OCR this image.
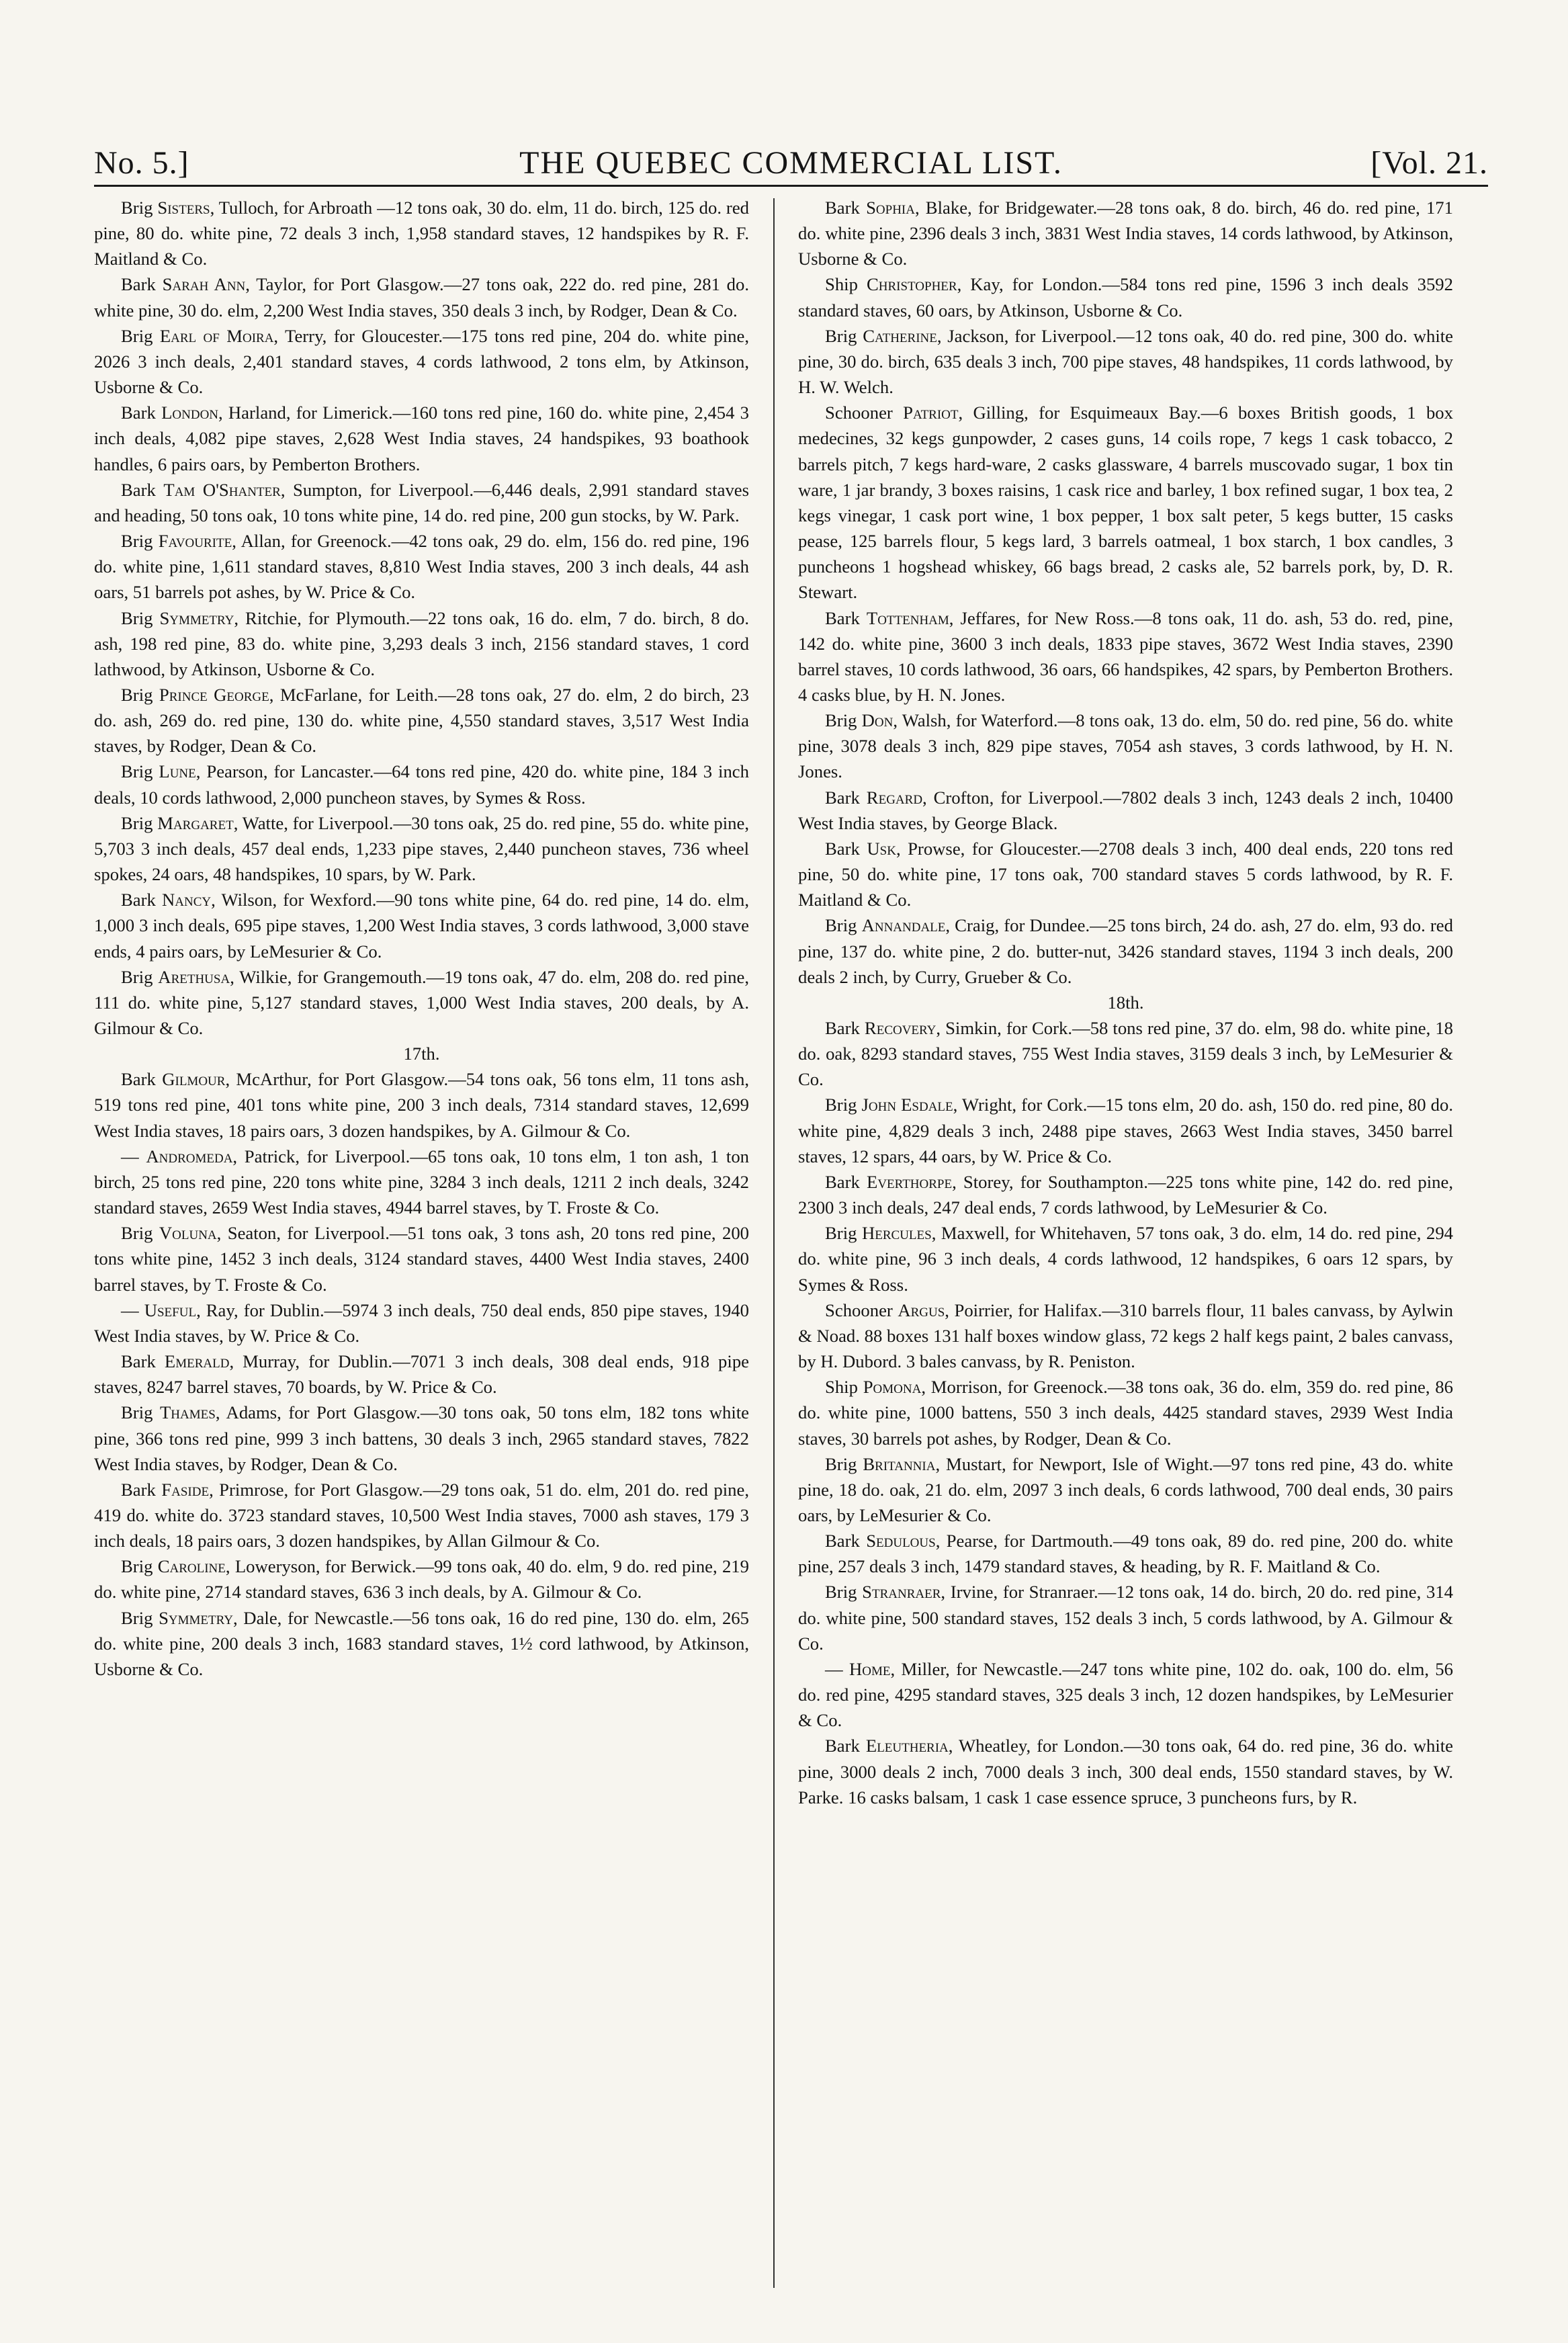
No. 5.]	THE QUEBEC COMMERCIAL LIST.	[Vol. 21.

Brig Sisters, Tulloch, for Arbroath —12 tons oak, 30 do. elm, 11 do. birch, 125 do. red pine, 80 do. white pine, 72 deals 3 inch, 1,958 standard staves, 12 handspikes by R. F. Maitland & Co.

Bark Sarah Ann, Taylor, for Port Glasgow.—27 tons oak, 222 do. red pine, 281 do. white pine, 30 do. elm, 2,200 West India staves, 350 deals 3 inch, by Rodger, Dean & Co.

Brig Earl of Moira, Terry, for Gloucester.—175 tons red pine, 204 do. white pine, 2026 3 inch deals, 2,401 standard staves, 4 cords lathwood, 2 tons elm, by Atkinson, Usborne & Co.

Bark London, Harland, for Limerick.—160 tons red pine, 160 do. white pine, 2,454 3 inch deals, 4,082 pipe staves, 2,628 West India staves, 24 handspikes, 93 boathook handles, 6 pairs oars, by Pemberton Brothers.

Bark Tam O'Shanter, Sumpton, for Liverpool.—6,446 deals, 2,991 standard staves and heading, 50 tons oak, 10 tons white pine, 14 do. red pine, 200 gun stocks, by W. Park.

Brig Favourite, Allan, for Greenock.—42 tons oak, 29 do. elm, 156 do. red pine, 196 do. white pine, 1,611 standard staves, 8,810 West India staves, 200 3 inch deals, 44 ash oars, 51 barrels pot ashes, by W. Price & Co.

Brig Symmetry, Ritchie, for Plymouth.—22 tons oak, 16 do. elm, 7 do. birch, 8 do. ash, 198 red pine, 83 do. white pine, 3,293 deals 3 inch, 2156 standard staves, 1 cord lathwood, by Atkinson, Usborne & Co.

Brig Prince George, McFarlane, for Leith.—28 tons oak, 27 do. elm, 2 do birch, 23 do. ash, 269 do. red pine, 130 do. white pine, 4,550 standard staves, 3,517 West India staves, by Rodger, Dean & Co.

Brig Lune, Pearson, for Lancaster.—64 tons red pine, 420 do. white pine, 184 3 inch deals, 10 cords lathwood, 2,000 puncheon staves, by Symes & Ross.

Brig Margaret, Watte, for Liverpool.—30 tons oak, 25 do. red pine, 55 do. white pine, 5,703 3 inch deals, 457 deal ends, 1,233 pipe staves, 2,440 puncheon staves, 736 wheel spokes, 24 oars, 48 handspikes, 10 spars, by W. Park.

Bark Nancy, Wilson, for Wexford.—90 tons white pine, 64 do. red pine, 14 do. elm, 1,000 3 inch deals, 695 pipe staves, 1,200 West India staves, 3 cords lathwood, 3,000 stave ends, 4 pairs oars, by LeMesurier & Co.

Brig Arethusa, Wilkie, for Grangemouth.—19 tons oak, 47 do. elm, 208 do. red pine, 111 do. white pine, 5,127 standard staves, 1,000 West India staves, 200 deals, by A. Gilmour & Co.

17th.

Bark Gilmour, McArthur, for Port Glasgow.—54 tons oak, 56 tons elm, 11 tons ash, 519 tons red pine, 401 tons white pine, 200 3 inch deals, 7314 standard staves, 12,699 West India staves, 18 pairs oars, 3 dozen handspikes, by A. Gilmour & Co.

— Andromeda, Patrick, for Liverpool.—65 tons oak, 10 tons elm, 1 ton ash, 1 ton birch, 25 tons red pine, 220 tons white pine, 3284 3 inch deals, 1211 2 inch deals, 3242 standard staves, 2659 West India staves, 4944 barrel staves, by T. Froste & Co.

Brig Voluna, Seaton, for Liverpool.—51 tons oak, 3 tons ash, 20 tons red pine, 200 tons white pine, 1452 3 inch deals, 3124 standard staves, 4400 West India staves, 2400 barrel staves, by T. Froste & Co.

— Useful, Ray, for Dublin.—5974 3 inch deals, 750 deal ends, 850 pipe staves, 1940 West India staves, by W. Price & Co.

Bark Emerald, Murray, for Dublin.—7071 3 inch deals, 308 deal ends, 918 pipe staves, 8247 barrel staves, 70 boards, by W. Price & Co.

Brig Thames, Adams, for Port Glasgow.—30 tons oak, 50 tons elm, 182 tons white pine, 366 tons red pine, 999 3 inch battens, 30 deals 3 inch, 2965 standard staves, 7822 West India staves, by Rodger, Dean & Co.

Bark Faside, Primrose, for Port Glasgow.—29 tons oak, 51 do. elm, 201 do. red pine, 419 do. white do. 3723 standard staves, 10,500 West India staves, 7000 ash staves, 179 3 inch deals, 18 pairs oars, 3 dozen handspikes, by Allan Gilmour & Co.

Brig Caroline, Loweryson, for Berwick.—99 tons oak, 40 do. elm, 9 do. red pine, 219 do. white pine, 2714 standard staves, 636 3 inch deals, by A. Gilmour & Co.

Brig Symmetry, Dale, for Newcastle.—56 tons oak, 16 do red pine, 130 do. elm, 265 do. white pine, 200 deals 3 inch, 1683 standard staves, 1½ cord lathwood, by Atkinson, Usborne & Co.

Bark Sophia, Blake, for Bridgewater.—28 tons oak, 8 do. birch, 46 do. red pine, 171 do. white pine, 2396 deals 3 inch, 3831 West India staves, 14 cords lathwood, by Atkinson, Usborne & Co.

Ship Christopher, Kay, for London.—584 tons red pine, 1596 3 inch deals 3592 standard staves, 60 oars, by Atkinson, Usborne & Co.

Brig Catherine, Jackson, for Liverpool.—12 tons oak, 40 do. red pine, 300 do. white pine, 30 do. birch, 635 deals 3 inch, 700 pipe staves, 48 handspikes, 11 cords lathwood, by H. W. Welch.

Schooner Patriot, Gilling, for Esquimeaux Bay.—6 boxes British goods, 1 box medecines, 32 kegs gunpowder, 2 cases guns, 14 coils rope, 7 kegs 1 cask tobacco, 2 barrels pitch, 7 kegs hard-ware, 2 casks glassware, 4 barrels muscovado sugar, 1 box tin ware, 1 jar brandy, 3 boxes raisins, 1 cask rice and barley, 1 box refined sugar, 1 box tea, 2 kegs vinegar, 1 cask port wine, 1 box pepper, 1 box salt peter, 5 kegs butter, 15 casks pease, 125 barrels flour, 5 kegs lard, 3 barrels oatmeal, 1 box starch, 1 box candles, 3 puncheons 1 hogshead whiskey, 66 bags bread, 2 casks ale, 52 barrels pork, by, D. R. Stewart.

Bark Tottenham, Jeffares, for New Ross.—8 tons oak, 11 do. ash, 53 do. red, pine, 142 do. white pine, 3600 3 inch deals, 1833 pipe staves, 3672 West India staves, 2390 barrel staves, 10 cords lathwood, 36 oars, 66 handspikes, 42 spars, by Pemberton Brothers. 4 casks blue, by H. N. Jones.

Brig Don, Walsh, for Waterford.—8 tons oak, 13 do. elm, 50 do. red pine, 56 do. white pine, 3078 deals 3 inch, 829 pipe staves, 7054 ash staves, 3 cords lathwood, by H. N. Jones.

Bark Regard, Crofton, for Liverpool.—7802 deals 3 inch, 1243 deals 2 inch, 10400 West India staves, by George Black.

Bark Usk, Prowse, for Gloucester.—2708 deals 3 inch, 400 deal ends, 220 tons red pine, 50 do. white pine, 17 tons oak, 700 standard staves 5 cords lathwood, by R. F. Maitland & Co.

Brig Annandale, Craig, for Dundee.—25 tons birch, 24 do. ash, 27 do. elm, 93 do. red pine, 137 do. white pine, 2 do. butter-nut, 3426 standard staves, 1194 3 inch deals, 200 deals 2 inch, by Curry, Grueber & Co.

18th.

Bark Recovery, Simkin, for Cork.—58 tons red pine, 37 do. elm, 98 do. white pine, 18 do. oak, 8293 standard staves, 755 West India staves, 3159 deals 3 inch, by LeMesurier & Co.

Brig John Esdale, Wright, for Cork.—15 tons elm, 20 do. ash, 150 do. red pine, 80 do. white pine, 4,829 deals 3 inch, 2488 pipe staves, 2663 West India staves, 3450 barrel staves, 12 spars, 44 oars, by W. Price & Co.

Bark Everthorpe, Storey, for Southampton.—225 tons white pine, 142 do. red pine, 2300 3 inch deals, 247 deal ends, 7 cords lathwood, by LeMesurier & Co.

Brig Hercules, Maxwell, for Whitehaven, 57 tons oak, 3 do. elm, 14 do. red pine, 294 do. white pine, 96 3 inch deals, 4 cords lathwood, 12 handspikes, 6 oars 12 spars, by Symes & Ross.

Schooner Argus, Poirrier, for Halifax.—310 barrels flour, 11 bales canvass, by Aylwin & Noad. 88 boxes 131 half boxes window glass, 72 kegs 2 half kegs paint, 2 bales canvass, by H. Dubord. 3 bales canvass, by R. Peniston.

Ship Pomona, Morrison, for Greenock.—38 tons oak, 36 do. elm, 359 do. red pine, 86 do. white pine, 1000 battens, 550 3 inch deals, 4425 standard staves, 2939 West India staves, 30 barrels pot ashes, by Rodger, Dean & Co.

Brig Britannia, Mustart, for Newport, Isle of Wight.—97 tons red pine, 43 do. white pine, 18 do. oak, 21 do. elm, 2097 3 inch deals, 6 cords lathwood, 700 deal ends, 30 pairs oars, by LeMesurier & Co.

Bark Sedulous, Pearse, for Dartmouth.—49 tons oak, 89 do. red pine, 200 do. white pine, 257 deals 3 inch, 1479 standard staves, & heading, by R. F. Maitland & Co.

Brig Stranraer, Irvine, for Stranraer.—12 tons oak, 14 do. birch, 20 do. red pine, 314 do. white pine, 500 standard staves, 152 deals 3 inch, 5 cords lathwood, by A. Gilmour & Co.

— Home, Miller, for Newcastle.—247 tons white pine, 102 do. oak, 100 do. elm, 56 do. red pine, 4295 standard staves, 325 deals 3 inch, 12 dozen handspikes, by LeMesurier & Co.

Bark Eleutheria, Wheatley, for London.—30 tons oak, 64 do. red pine, 36 do. white pine, 3000 deals 2 inch, 7000 deals 3 inch, 300 deal ends, 1550 standard staves, by W. Parke. 16 casks balsam, 1 cask 1 case essence spruce, 3 puncheons furs, by R.
